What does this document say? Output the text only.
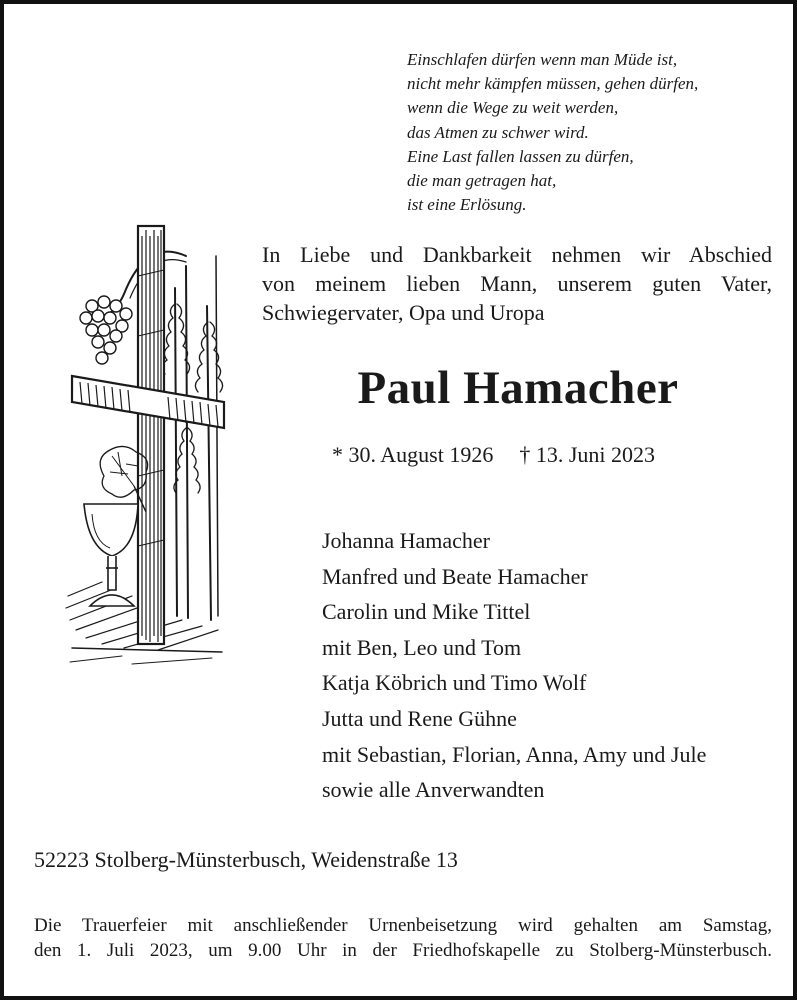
Einschlafen dürfen wenn man Müde ist,
nicht mehr kämpfen müssen, gehen dürfen,
wenn die Wege zu weit werden,
das Atmen zu schwer wird.
Eine Last fallen lassen zu dürfen,
die man getragen hat,
ist eine Erlösung.
In Liebe und Dankbarkeit nehmen wir Abschied
von meinem lieben Mann, unserem guten Vater,
Schwiegervater, Opa und Uropa
Paul Hamacher
* 30. August 1926 † 13. Juni 2023
Johanna Hamacher
Manfred und Beate Hamacher
Carolin und Mike Tittel
mit Ben, Leo und Tom
Katja Köbrich und Timo Wolf
Jutta und Rene Gühne
mit Sebastian, Florian, Anna, Amy und Jule
sowie alle Anverwandten
52223 Stolberg-Münsterbusch, Weidenstraße 13
Die Trauerfeier mit anschließender Urnenbeisetzung wird gehalten am Samstag,
den 1. Juli 2023, um 9.00 Uhr in der Friedhofskapelle zu Stolberg-Münsterbusch.
